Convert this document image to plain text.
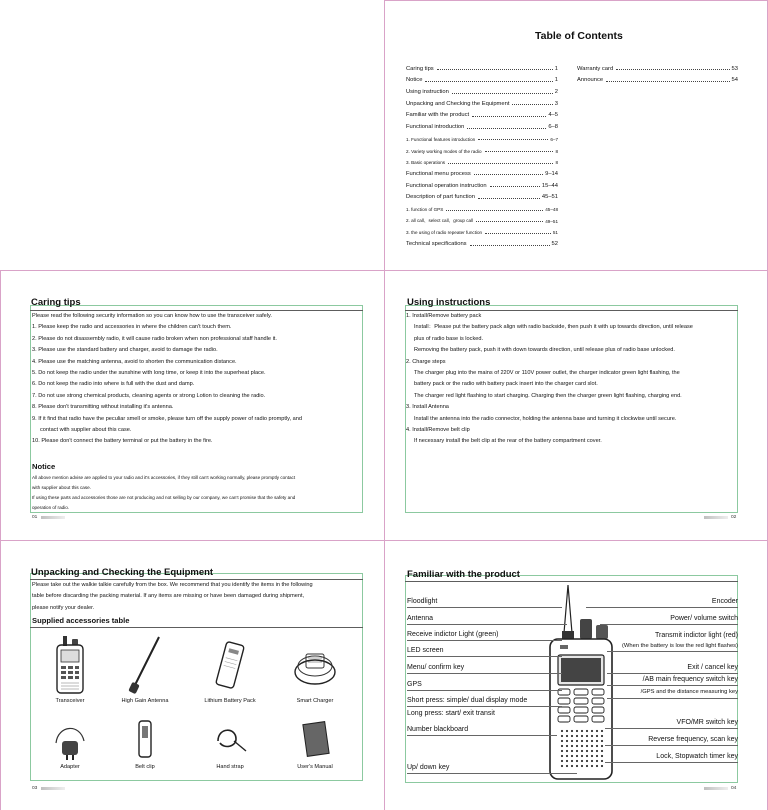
Table of Contents
Caring tips	1
Notice	1
Using instruction	2
Unpacking and Checking the Equipment	3
Familiar with the product	4–5
Functional introduction	6–8
1. Functional features introduction	6–7
2. Variety working modes of the radio	8
3. Basic operations	8
Functional menu process	9–14
Functional operation instruction	15–44
Description of part function	45–51
1. function of GPS	45–48
2. all call、select call、group call	49–51
3. the using of radio repeater function	51
Technical specifications	52
Warranty card	53
Announce	54
Caring tips

Please read the following security information so you can know how to use the transceiver safely.

1. Please keep the radio and accessories in where the children can't touch them.

2. Please do not disassembly radio, it will cause radio broken when non professional staff handle it.

3. Please use the standard battery and charger, avoid to damage the radio.

4. Please use the matching antenna, avoid to shorten the communication distance.

5. Do not keep the radio under the sunshine with long time, or keep it into the superheat place.

6. Do not keep the radio into where is full with the dust and damp.

7. Do not use strong chemical products, cleaning agents or strong Lotion to cleaning the radio.

8. Please don't transmitting without installing it's antenna.

9. If it find that radio have the peculiar smell or smoke, please turn off the supply power of radio promptly, and

contact with supplier about this case.

10. Please don't connect the battery terminal or put the battery in the fire.

Notice

All above mention advise are applied to your radio and it's accessories, if they still can't working normally, please promptly contact

with supplier about this case.

If using these parts and accessories those are not producing and not selling by our company, we can't promise that the safety and

operation of radio.

01
Using instructions

1. Install/Remove battery pack

Install：Please put the battery pack align with radio backside, then push it with up towards direction, until release

plus of radio base is locked.

Removing the battery pack, push it with down towards direction, until release plus of radio base unlocked.

2. Charge steps

The charger plug into the mains of 220V or 110V power outlet, the charger indicator green light flashing, the

battery pack or the radio with battery pack insert into the charger card slot.

The charger red light flashing to start charging. Charging then the charger green light flashing, charging end.

3. Install Antenna

Install the antenna into the radio connector, holding the antenna base and turning it clockwise until secure.

4. Install/Remove belt clip

If necessary install the belt clip at the rear of the battery compartment cover.

02
Unpacking and Checking the Equipment

Please take out the walkie talkie carefully from the box. We recommend that you identify the items in the following

table before discarding the packing material. If any items are missing or have been damaged during shipment,

please notify your dealer.

Supplied accessories table
Transceiver	High Gain Antenna	Lithium Battery Pack	Smart Charger
Adapter	Belt clip	Hand strap	User's Manual
03
Familiar with the product
Floodlight
Antenna
Receive indictor Light (green)
LED screen
Menu/ confirm key
GPS
Short press: simple/ dual display mode
Long press: start/ exit transit
Number blackboard
Up/ down key
Encoder
Power/ volume switch
Transmit indictor light (red)
(When the battery is low the red light flashes)
Exit / cancel key
/AB main frequency switch key
/GPS and the distance measuring key
VFO/MR switch key
Reverse frequency, scan key
Lock, Stopwatch timer key
04
